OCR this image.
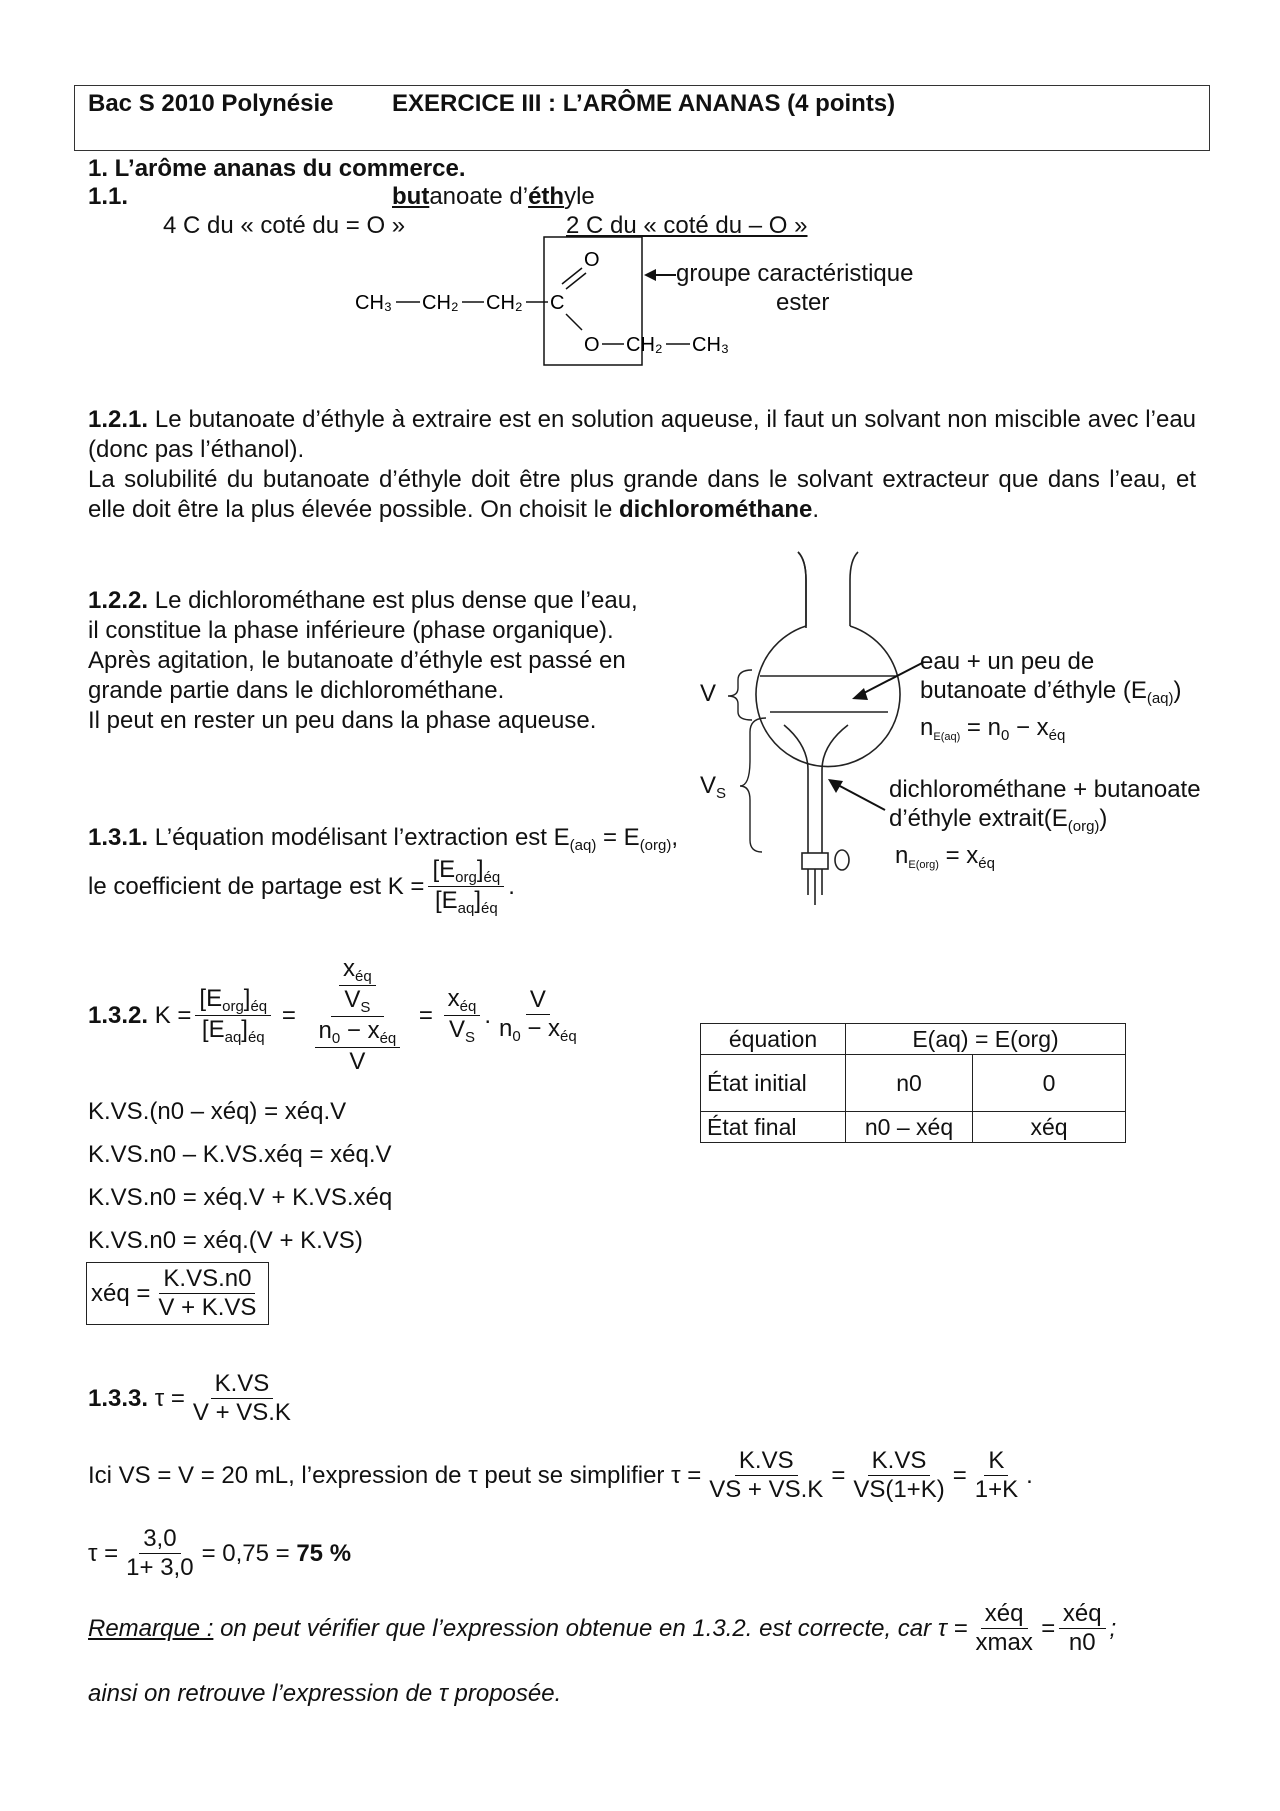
Bac S 2010 Polynésie EXERCICE III : L’ARÔME ANANAS (4 points)
1. L’arôme ananas du commerce.
1.1.	butanoate d’éthyle
4 C du « coté du = O »	2 C du « coté du – O »
CH₃ CH₂ CH₂ C
O
O CH₂ CH₃
groupe caractéristique
ester
1.2.1. Le butanoate d’éthyle à extraire est en solution aqueuse, il faut un solvant non miscible avec l’eau (donc pas l’éthanol).
La solubilité du butanoate d’éthyle doit être plus grande dans le solvant extracteur que dans l’eau, et elle doit être la plus élevée possible. On choisit le dichlorométhane.
1.2.2. Le dichlorométhane est plus dense que l’eau,
il constitue la phase inférieure (phase organique).
Après agitation, le butanoate d’éthyle est passé en
grande partie dans le dichlorométhane.
Il peut en rester un peu dans la phase aqueuse.
V
$V_S$
eau + un peu de
butanoate d’éthyle $(E_{(aq)})$
$n_{E(aq)} = n_0 - x_{éq}$
dichlorométhane + butanoate
d’éthyle $extrait(E_{(org)})$
$n_{E(org)} = x_{éq}$
1.3.1. L’équation modélisant l’extraction est $E_{(aq)} = E_{(org)}$,
le coefficient de partage est $K = \frac{[E_{org}]_{éq}}{[E_{aq}]_{éq}}$ .
1.3.2.
$K = \frac{[E_{org}]_{éq}}{[E_{aq}]_{éq}} = \frac{\frac{x_{éq}}{V_S}}{\frac{n_0 - x_{éq}}{V}} = \frac{x_{éq}}{V_S}$ . $\frac{V}{n_0 - x_{éq}}$
K.VS.(n0 – xéq) = xéq.V
K.VS.n0 – K.VS.xéq = xéq.V
K.VS.n0 = xéq.V + K.VS.xéq
K.VS.n0 = xéq.(V + K.VS)
xéq = $\frac{K.VS.n0}{V + K.VS}$
équation	E(aq) = E(org)	
État initial	n0	0
État final	n0 – xéq	xéq
1.3.3.
$\tau = \frac{K.VS}{V + VS.K}$
Ici VS = V = 20 mL, l’expression de τ peut se simplifier $\tau = \frac{K.VS}{VS + VS.K} = \frac{K.VS}{VS(1+K)} = \frac{K}{1+K}$ .
$\tau = \frac{3,0}{1+ 3,0} = 0,75$ =
75 %
Remarque :
on peut vérifier que l’expression obtenue en 1.3.2. est correcte, car $\tau = \frac{\text{xéq}}{xmax} = \frac{\text{xéq}}{n0}$ ;
ainsi on retrouve l’expression de τ proposée.
